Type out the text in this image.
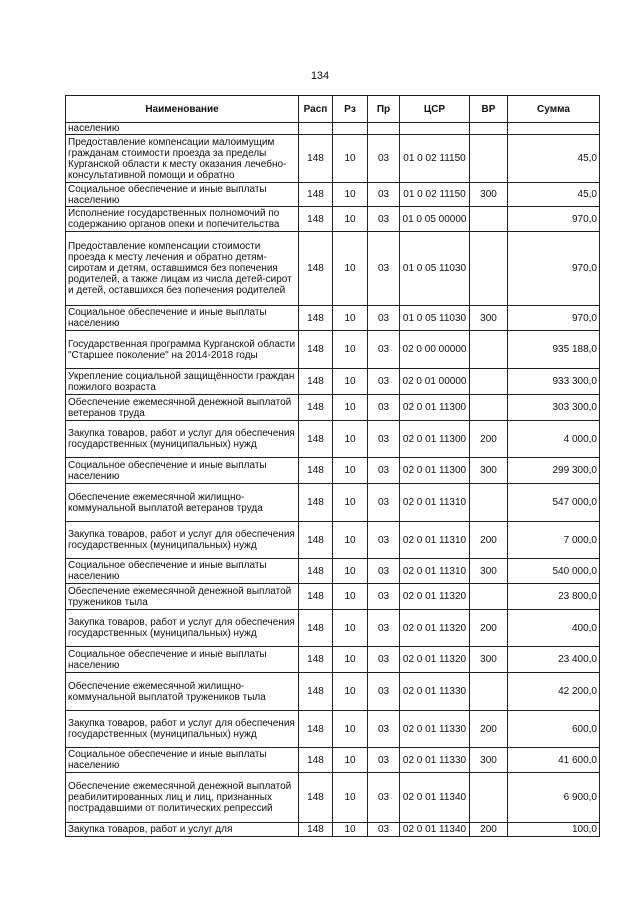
134
Наименование	Расп	Рз	Пр	ЦСР	ВР	Сумма
населению						
Предоставление компенсации малоимущим гражданам стоимости проезда за пределы Курганской области к месту оказания лечебно-консультативной помощи и обратно	148	10	03	01 0 02 11150		45,0
Социальное обеспечение и иные выплаты населению	148	10	03	01 0 02 11150	300	45,0
Исполнение государственных полномочий по содержанию органов опеки и попечительства	148	10	03	01 0 05 00000		970,0
Предоставление компенсации стоимости проезда к месту лечения и обратно детям-сиротам и детям, оставшимся без попечения родителей, а также лицам из числа детей-сирот и детей, оставшихся без попечения родителей	148	10	03	01 0 05 11030		970,0
Социальное обеспечение и иные выплаты населению	148	10	03	01 0 05 11030	300	970,0
Государственная программа Курганской области "Старшее поколение" на 2014-2018 годы	148	10	03	02 0 00 00000		935 188,0
Укрепление социальной защищённости граждан пожилого возраста	148	10	03	02 0 01 00000		933 300,0
Обеспечение ежемесячной денежной выплатой ветеранов труда	148	10	03	02 0 01 11300		303 300,0
Закупка товаров, работ и услуг для обеспечения государственных (муниципальных) нужд	148	10	03	02 0 01 11300	200	4 000,0
Социальное обеспечение и иные выплаты населению	148	10	03	02 0 01 11300	300	299 300,0
Обеспечение ежемесячной жилищно-коммунальной выплатой ветеранов труда	148	10	03	02 0 01 11310		547 000,0
Закупка товаров, работ и услуг для обеспечения государственных (муниципальных) нужд	148	10	03	02 0 01 11310	200	7 000,0
Социальное обеспечение и иные выплаты населению	148	10	03	02 0 01 11310	300	540 000,0
Обеспечение ежемесячной денежной выплатой тружеников тыла	148	10	03	02 0 01 11320		23 800,0
Закупка товаров, работ и услуг для обеспечения государственных (муниципальных) нужд	148	10	03	02 0 01 11320	200	400,0
Социальное обеспечение и иные выплаты населению	148	10	03	02 0 01 11320	300	23 400,0
Обеспечение ежемесячной жилищно-коммунальной выплатой тружеников тыла	148	10	03	02 0 01 11330		42 200,0
Закупка товаров, работ и услуг для обеспечения государственных (муниципальных) нужд	148	10	03	02 0 01 11330	200	600,0
Социальное обеспечение и иные выплаты населению	148	10	03	02 0 01 11330	300	41 600,0
Обеспечение ежемесячной денежной выплатой реабилитированных лиц и лиц, признанных пострадавшими от политических репрессий	148	10	03	02 0 01 11340		6 900,0
Закупка товаров, работ и услуг для	148	10	03	02 0 01 11340	200	100,0
